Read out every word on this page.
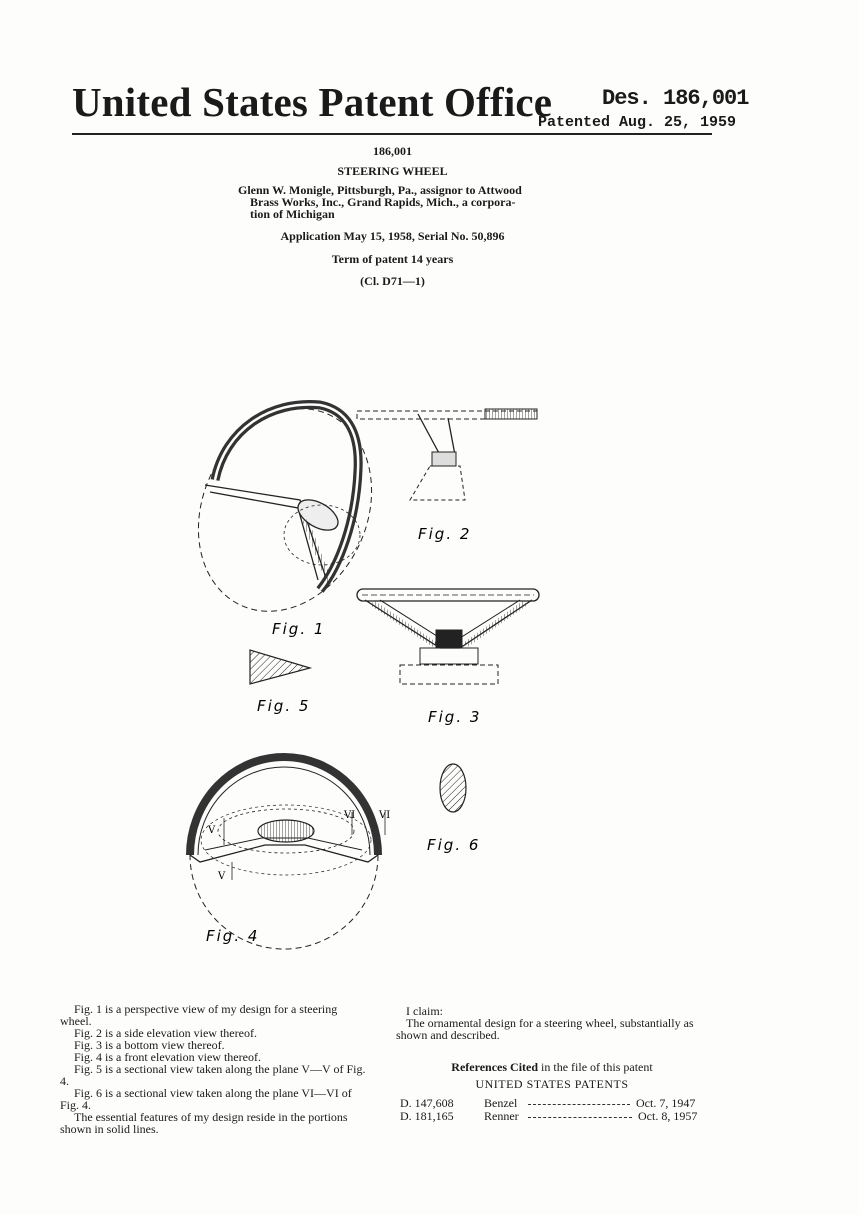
United States Patent Office Des. 186,001
Patented Aug. 25, 1959
186,001
STEERING WHEEL
Glenn W. Monigle, Pittsburgh, Pa., assignor to Attwood
Brass Works, Inc., Grand Rapids, Mich., a corpora-
tion of Michigan
Application May 15, 1958, Serial No. 50,896
Term of patent 14 years
(Cl. D71—1)
Fig. 1
Fig. 2
Fig. 3
Fig. 5
V
V
VI VI
Fig. 4
Fig. 6

Fig. 1 is a perspective view of my design for a steering wheel.

Fig. 2 is a side elevation view thereof.

Fig. 3 is a bottom view thereof.

Fig. 4 is a front elevation view thereof.

Fig. 5 is a sectional view taken along the plane V—V of Fig. 4.

Fig. 6 is a sectional view taken along the plane VI—VI of Fig. 4.

The essential features of my design reside in the portions shown in solid lines.

I claim:

The ornamental design for a steering wheel, substantially as shown and described.

References Cited in the file of this patent
UNITED STATES PATENTS
D. 147,608	Benzel	Oct. 7, 1947
D. 181,165	Renner	Oct. 8, 1957
